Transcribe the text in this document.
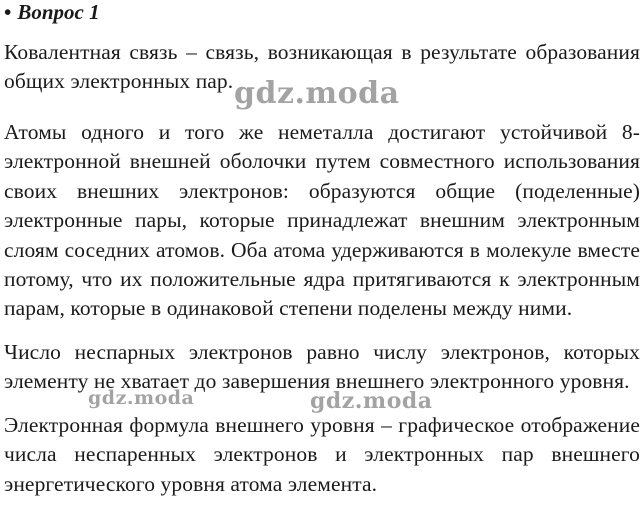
• Вопрос 1

Ковалентная связь – связь, возникающая в результате образования общих электронных пар.

Атомы одного и того же неметалла достигают устойчивой 8-электронной внешней оболочки путем совместного использования своих внешних электронов: образуются общие (поделенные) электронные пары, которые принадлежат внешним электронным слоям соседних атомов. Оба атома удерживаются в молекуле вместе потому, что их положительные ядра притягиваются к электронным парам, которые в одинаковой степени поделены между ними.

Число неспарных электронов равно числу электронов, которых элементу не хватает до завершения внешнего электронного уровня.

Электронная формула внешнего уровня – графическое отображение числа неспаренных электронов и электронных пар внешнего энергетического уровня атома элемента.

gdz.moda
gdz.moda	gdz.moda
